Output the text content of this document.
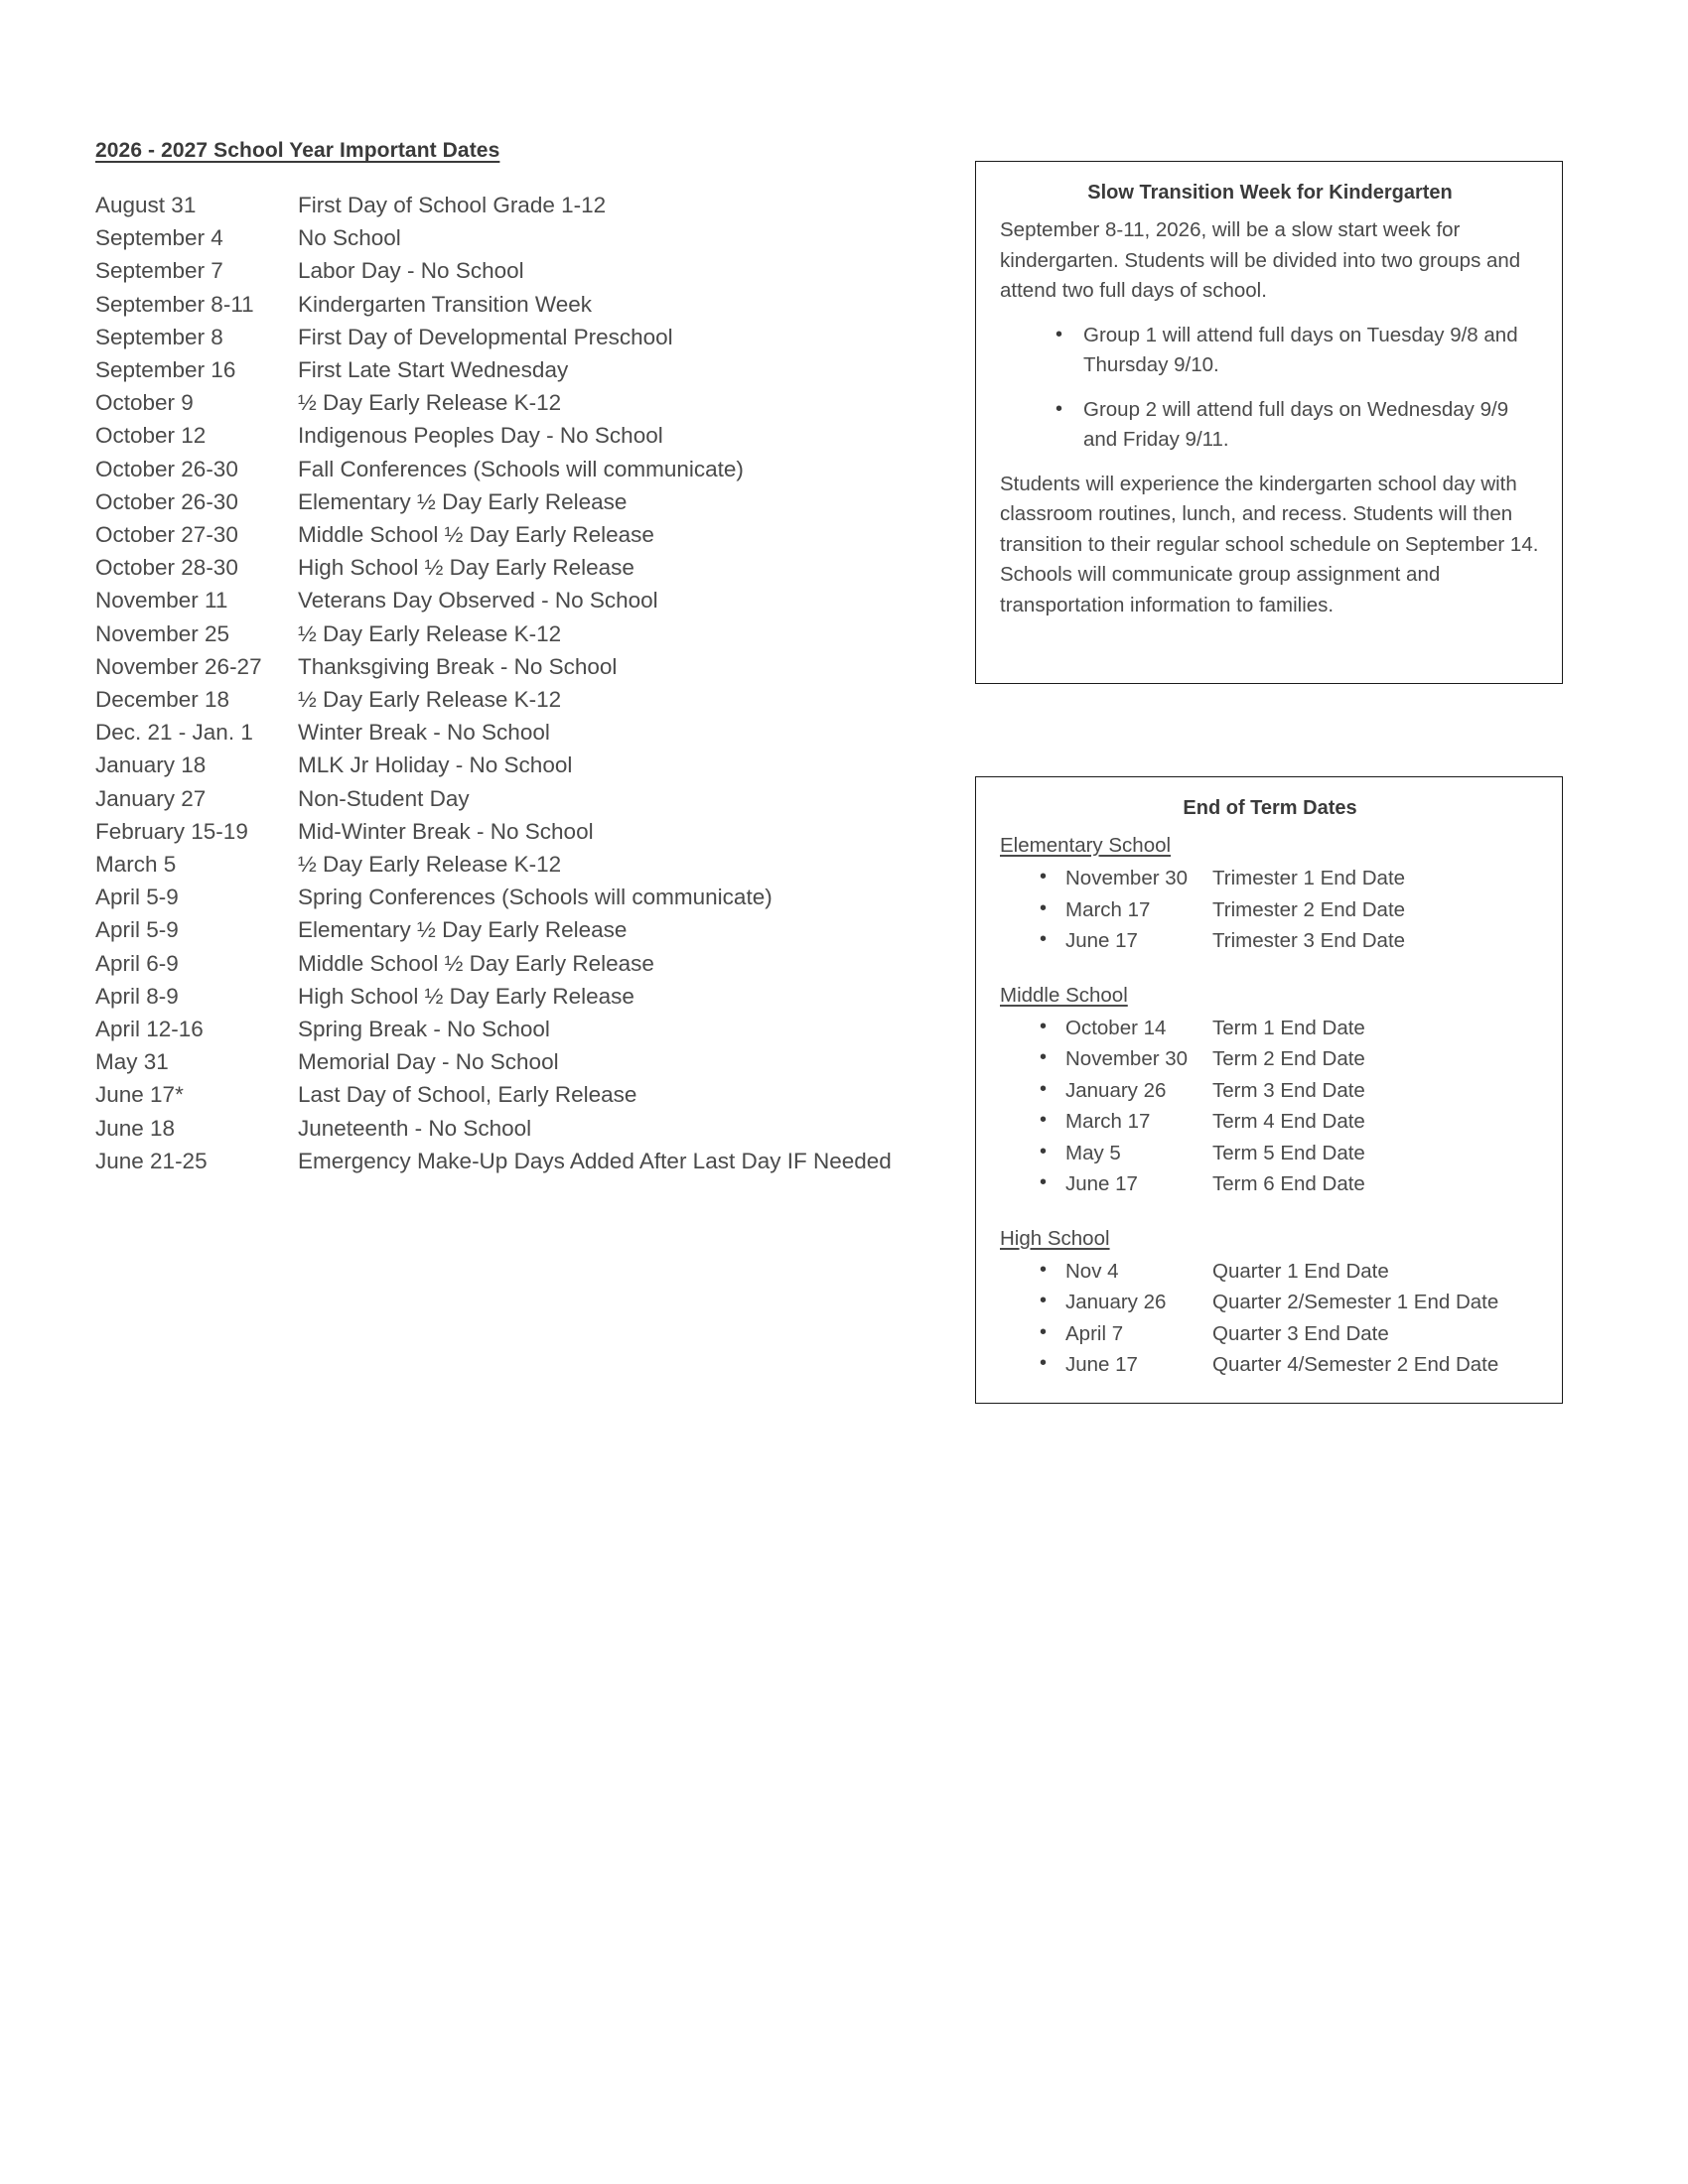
2026 - 2027 School Year Important Dates
August 31	First Day of School Grade 1-12
September 4	No School
September 7	Labor Day - No School
September 8-11	Kindergarten Transition Week
September 8	First Day of Developmental Preschool
September 16	First Late Start Wednesday
October 9	½ Day Early Release K-12
October 12	Indigenous Peoples Day - No School
October 26-30	Fall Conferences (Schools will communicate)
October 26-30	Elementary ½ Day Early Release
October 27-30	Middle School ½ Day Early Release
October 28-30	High School ½ Day Early Release
November 11	Veterans Day Observed - No School
November 25	½ Day Early Release K-12
November 26-27	Thanksgiving Break - No School
December 18	½ Day Early Release K-12
Dec. 21 - Jan. 1	Winter Break - No School
January 18	MLK Jr Holiday - No School
January 27	Non-Student Day
February 15-19	Mid-Winter Break - No School
March 5	½ Day Early Release K-12
April 5-9	Spring Conferences (Schools will communicate)
April 5-9	Elementary ½ Day Early Release
April 6-9	Middle School ½ Day Early Release
April 8-9	High School ½ Day Early Release
April 12-16	Spring Break - No School
May 31	Memorial Day - No School
June 17*	Last Day of School, Early Release
June 18	Juneteenth - No School
June 21-25	Emergency Make-Up Days Added After Last Day IF Needed
Slow Transition Week for Kindergarten

September 8-11, 2026, will be a slow start week for kindergarten. Students will be divided into two groups and attend two full days of school.

• Group 1 will attend full days on Tuesday 9/8 and Thursday 9/10.
• Group 2 will attend full days on Wednesday 9/9 and Friday 9/11.

Students will experience the kindergarten school day with classroom routines, lunch, and recess. Students will then transition to their regular school schedule on September 14. Schools will communicate group assignment and transportation information to families.

End of Term Dates
Elementary School
• November 30 Trimester 1 End Date
• March 17	Trimester 2 End Date
• June 17	Trimester 3 End Date
Middle School
• October 14 Term 1 End Date
• November 30 Term 2 End Date
• January 26 Term 3 End Date
• March 17	Term 4 End Date
• May 5	Term 5 End Date
• June 17	Term 6 End Date
High School
• Nov 4	Quarter 1 End Date
• January 26 Quarter 2/Semester 1 End Date
• April 7	Quarter 3 End Date
• June 17	Quarter 4/Semester 2 End Date
